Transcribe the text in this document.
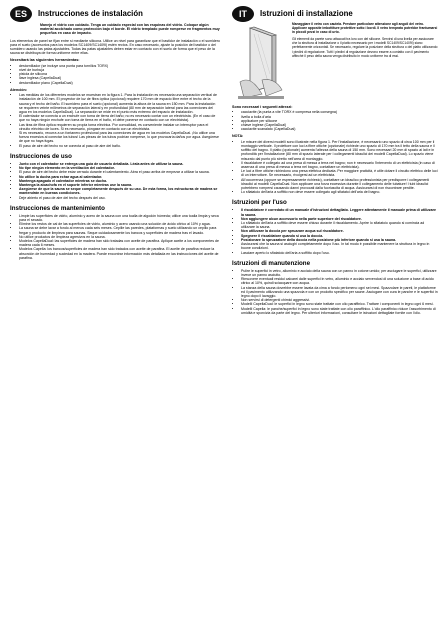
ES	Instrucciones de instalación

Manejo el vidrio con cuidado. Tenga un cuidado especial con las esquinas del vidrio. Coloque algún material acolchado como protección bajo el borde. El vidrio templado puede romperse en fragmentos muy pequeños en caso de impacto.

Los elementos de panel se fijan entre sí mediante silicona. Utilice un nivel para garantizar que el bastidor de instalación o el sumidero para el suelo (accesorios para los modelos SC1409/SC1409I) estén rectos. En caso necesario, ajuste la posición del bastidor o del sumidero usando las patas ajustables. Todas las patas ajustables deben estar en contacto con el suelo de forma que el peso de la sauna se distribuya de forma uniforme entre ellas.

Necesitará las siguientes herramientas:
• destornillador (se incluye una punta para tornillos TORX)
• nivel de burbuja
• pistola de silicona
• llave inglesa (CapellaDual)
• destornillador plano (CapellaDual)
Atención:
• Las medidas de los diferentes modelos se muestran en la figura 1. Para la instalación es necesaria una separación vertical de instalación de 100 mm. El proyector de luz de fibra óptica (opcional) requiere 170 mm de espacio libre entre el techo de la sauna y el techo del baño. El sumidero para el suelo (opcional) aumenta la altura de la sauna en 150 mm. Para la instalación se requieren veinte milímetros de separación lateral y en profundidad (80 mm de separación lateral para las conexiones del agua en los modelos CapellaDual). La separación se mide en el punto más extremo del espacio de instalación.
• El calentador se conecta a un enchufe con toma de tierra del baño; no es necesario contar con un electricista. (En el caso de que no haya ningún enchufe con toma de tierra en el baño, el debe ponerse en contacto con un electricista).
• Las tiras de fibra óptica requieren su propia toma eléctrica. Por comodidad, es conveniente instalar un interruptor para el circuito eléctrico de luces. Si es necesario, póngase en contacto con un electricista.
• Si es necesario, recurra a un fontanero profesional para las conexiones de agua en los modelos CapellaDual. ¡No utilice una fuerza excesiva al conectar los tubos! Las piezas de los tubos podrían romperse, lo que provocaría daños por agua. Asegúrese de que no haya fugas.
• El paso de aire del techo no se conecta al paso de aire del baño.
Instrucciones de uso
• Junto con el calentador se entrega una guía de usuario detallada. Léala antes de utilizar la sauna.
• No tipe ningún elemento en la ventilación del calentador.
• El paso de aire del techo debe estar cerrado durante el calentamiento. Abra el paso arriba de empezar a utilizar la sauna.
• No utilice la ducha para echar agua al calentador.
• Mantenga apagado el calentador mientras se ducha.
• Mantenga la alcachofa en el soporte inferior mientras use la sauna.
• Asegúrese de que la sauna se seque completamente después de su uso. De esta forma, los estructuras de madera se mantendrán en buenas condiciones.
• Deje abierto el paso de aire del techo después del uso.
Instrucciones de mantenimiento
• Limpie las superficies de vidrio, aluminio y acero de la sauna con una toalla de algodón húmeda; utilice una toalla limpia y seca para el secado.
• Elimine los restos de cal de las superficies de vidrio, aluminio y acero usando una solución de ácido cítrico al 10% y agua.
• La sauna se debe lavar a fondo al menos cada seis meses. Cepille las paredes, plataformas y suelo utilizando un cepillo para fregar y producto de limpieza para saunas. Seque cuidadosamente los bancos y superficies de madera tras el lavado.
• No utilice productos de limpieza agresivos en la sauna.
• Modelos CapellaDual: las superficies de madera han sido tratadas con aceite de parafina. Aplique aceite a los componentes de madera cada 6 meses.
• Modelos Capella: los bancos/superficies de madera han sido tratados con aceite de parafina. El aceite de parafina reduce la absorción de humedad y suciedad en la madera. Puede encontrar información más detallada en las instrucciones del aceite de parafina.
IT	Istruzioni di installazione

Maneggiare il vetro con cautela. Prestare particolare attenzione agli angoli del vetro. Applicare apposite imbottiture protettive sotto i bordi. Il vetro temprato potrebbe frantumarsi in piccoli pezzi in caso di urto.

Gli elementi da parete sono attaccati tra loro con del silicone. Servirsi di una livella per assicurare che la struttura di installazione o il piatto necessario per i modelli SC1409/SC1409I) siano perfettamente orizzontali. Se necessario, regolare la posizione della struttura o del piatto utilizzando i piedini di regolazione. Tutti i piedini di regolazione devono essere a contatto con il pavimento affinché il peso della sauna venga distribuito in modo uniforme tra di essi.

Sono necessari i seguenti attrezzi:
• cacciavite (la punta a vite TORX è compresa nella consegna)
• livella a bolla d'aria
• applicatore per silicone
• chiave inglese (CapellaDual)
• cacciavite scanalato (CapellaDual)
NOTA:
• Le misure dei diversi modelli sono illustrate nella figura 1. Per l'installazione, è necessario uno spazio di circa 100 mm per il montaggio verticale. Il proiettore con luci a fibre ottiche (opzionale) richiede uno spazio di 170 mm tra il tetto della sauna e il soffitto del bagno. Il piatto (opzionale) aumenta l'altezza della sauna di 150 mm. Sono necessari 20 mm di spazio ai lati e in profondità per l'installazione (80 mm di spazio laterale per i collegamenti idraulici dei modelli CapellaDual). Lo spazio viene misurato dal punto più stretto nell'area di montaggio.
• Il riscaldatore è collegato ad una presa di messa a terra nel bagno; non è necessario l'intervento di un elettricista (in caso di assenza di una presa di messa a terra nel bagno, contattare un elettricista).
• Le luci a fibre ottiche richiedono una presa elettrica dedicata. Per maggiore praticità, è utile dotare il circuito elettrico delle luci di un interruttore. Se necessario, rivolgersi ad un elettricista.
• All'occorrenza (oppure se espressamente richiesto), contattare un idraulico professionista per predisporre i collegamenti idraulici ai modelli CapellaDual. Non applicare una forza eccessiva durante il collegamento delle tubature! I tubi idraulici potrebbero rompersi causando danni provocati dalla fuoriuscita di acqua. Assicurarsi di non riscontrare perdite.
• Lo sfiatatoio dell'aria a soffitto non deve essere collegato agli sfiatatoi dell'aria del bagno.
Istruzioni per l'uso
• Il riscaldatore è corredato di un manuale d'istruzioni dettagliato. Leggere attentamente il manuale prima di utilizzare la sauna.
• Non aggiungere alcun accessorio nella parte superiore del riscaldatore.
• Lo sfiatatoio dell'aria a soffitto deve essere chiuso durante il riscaldamento. Aprire lo sfiatatoio quando si comincia ad utilizzare la sauna.
• Non utilizzare la doccia per spruzzare acqua sul riscaldatore.
• Spegnere il riscaldatore quando si usa la doccia.
• Posizionare lo spruzzatore della doccia nella posizione più inferiore quando si usa la sauna.
• Assicurarsi che la sauna si asciughi completamente dopo l'uso. In tal modo è possibile mantenere la struttura in legno in buone condizioni.
• Lasciare aperto lo sfiatatoio dell'aria a soffitto dopo l'uso.
Istruzioni di manutenzione
• Pulire le superfici in vetro, alluminio e acciaio della sauna con un panno in cotone umido; per asciugare le superfici, utilizzare invece un panno asciutto.
• Rimuovere eventuali residui calcarei dalle superfici in vetro, alluminio e acciaio servendosi di una soluzione a base di acido citrico al 10%, quindi sciacquare con acqua.
• La stanza della sauna dovrebbe essere lavata da cima a fondo perlomeno ogni sei mesi. Spazzolare le pareti, le piattaforme ed il pavimento utilizzando una spazzola e con un prodotto specifico per saune. Asciugare con cura le panche e le superfici in legno dopo il lavaggio.
• Non servirsi di detergenti chimici aggressivi.
• Modelli CapellaDual: le superfici in legno sono state trattate con olio paraffinico. Trattare i componenti in legno ogni 6 mesi.
• Modelli Capella: le panche/superfici in legno sono state trattate con olio paraffinico. L'olio paraffinico riduce l'assorbimento di umidità e sporcizia da parte del legno. Per ulteriori informazioni, consultare le istruzioni dettagliate fornite con l'olio.
